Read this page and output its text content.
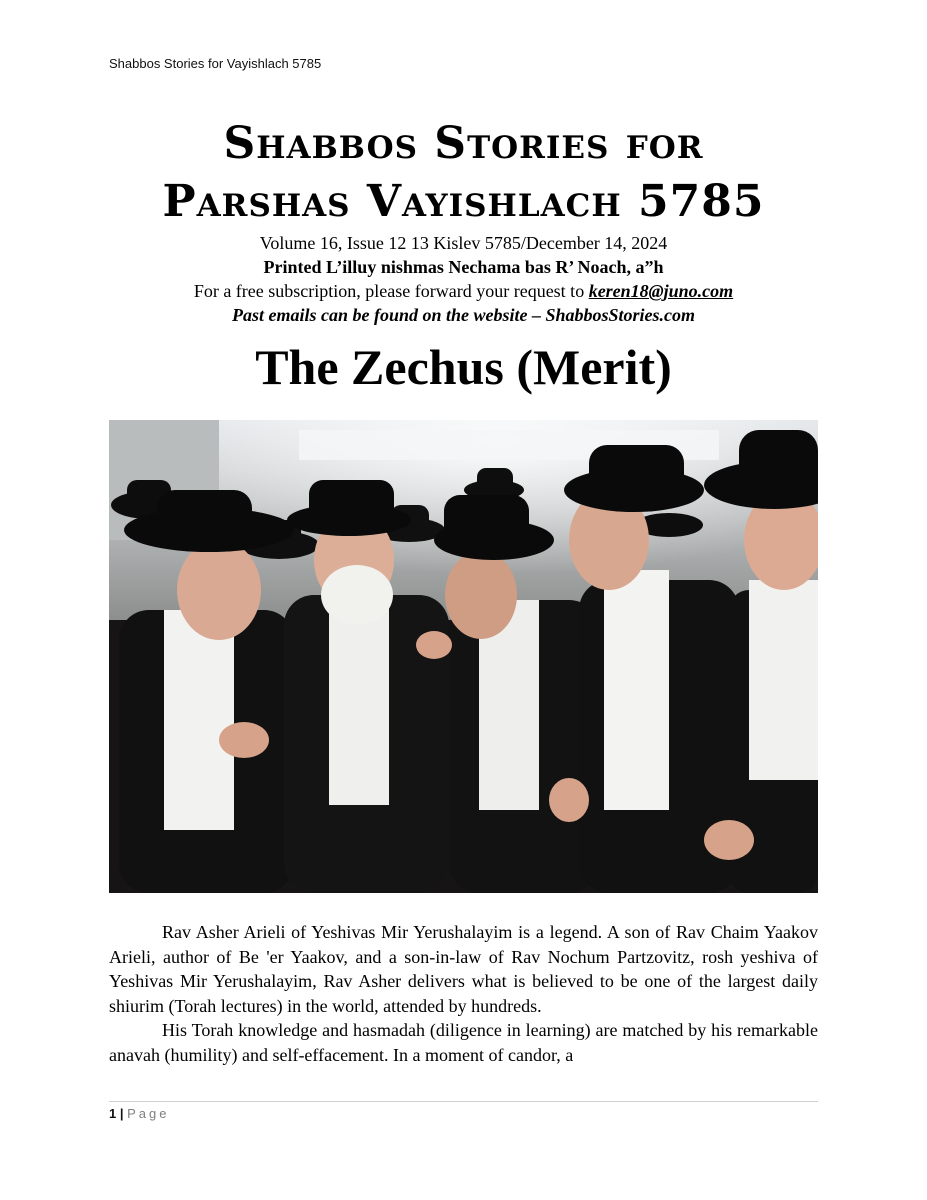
Shabbos Stories for Vayishlach 5785
Shabbos Stories for
Parshas Vayishlach 5785
Volume 16, Issue 12 13 Kislev 5785/December 14, 2024
Printed L’illuy nishmas Nechama bas R’ Noach, a”h
For a free subscription, please forward your request to keren18@juno.com
Past emails can be found on the website – ShabbosStories.com
The Zechus (Merit)

Rav Asher Arieli of Yeshivas Mir Yerushalayim is a legend. A son of Rav Chaim Yaakov Arieli, author of Be 'er Yaakov, and a son-in-law of Rav Nochum Partzovitz, rosh yeshiva of Yeshivas Mir Yerushalayim, Rav Asher delivers what is believed to be one of the largest daily shiurim (Torah lectures) in the world, attended by hundreds.

His Torah knowledge and hasmadah (diligence in learning) are matched by his remarkable anavah (humility) and self-effacement. In a moment of candor, a

1 | Page
